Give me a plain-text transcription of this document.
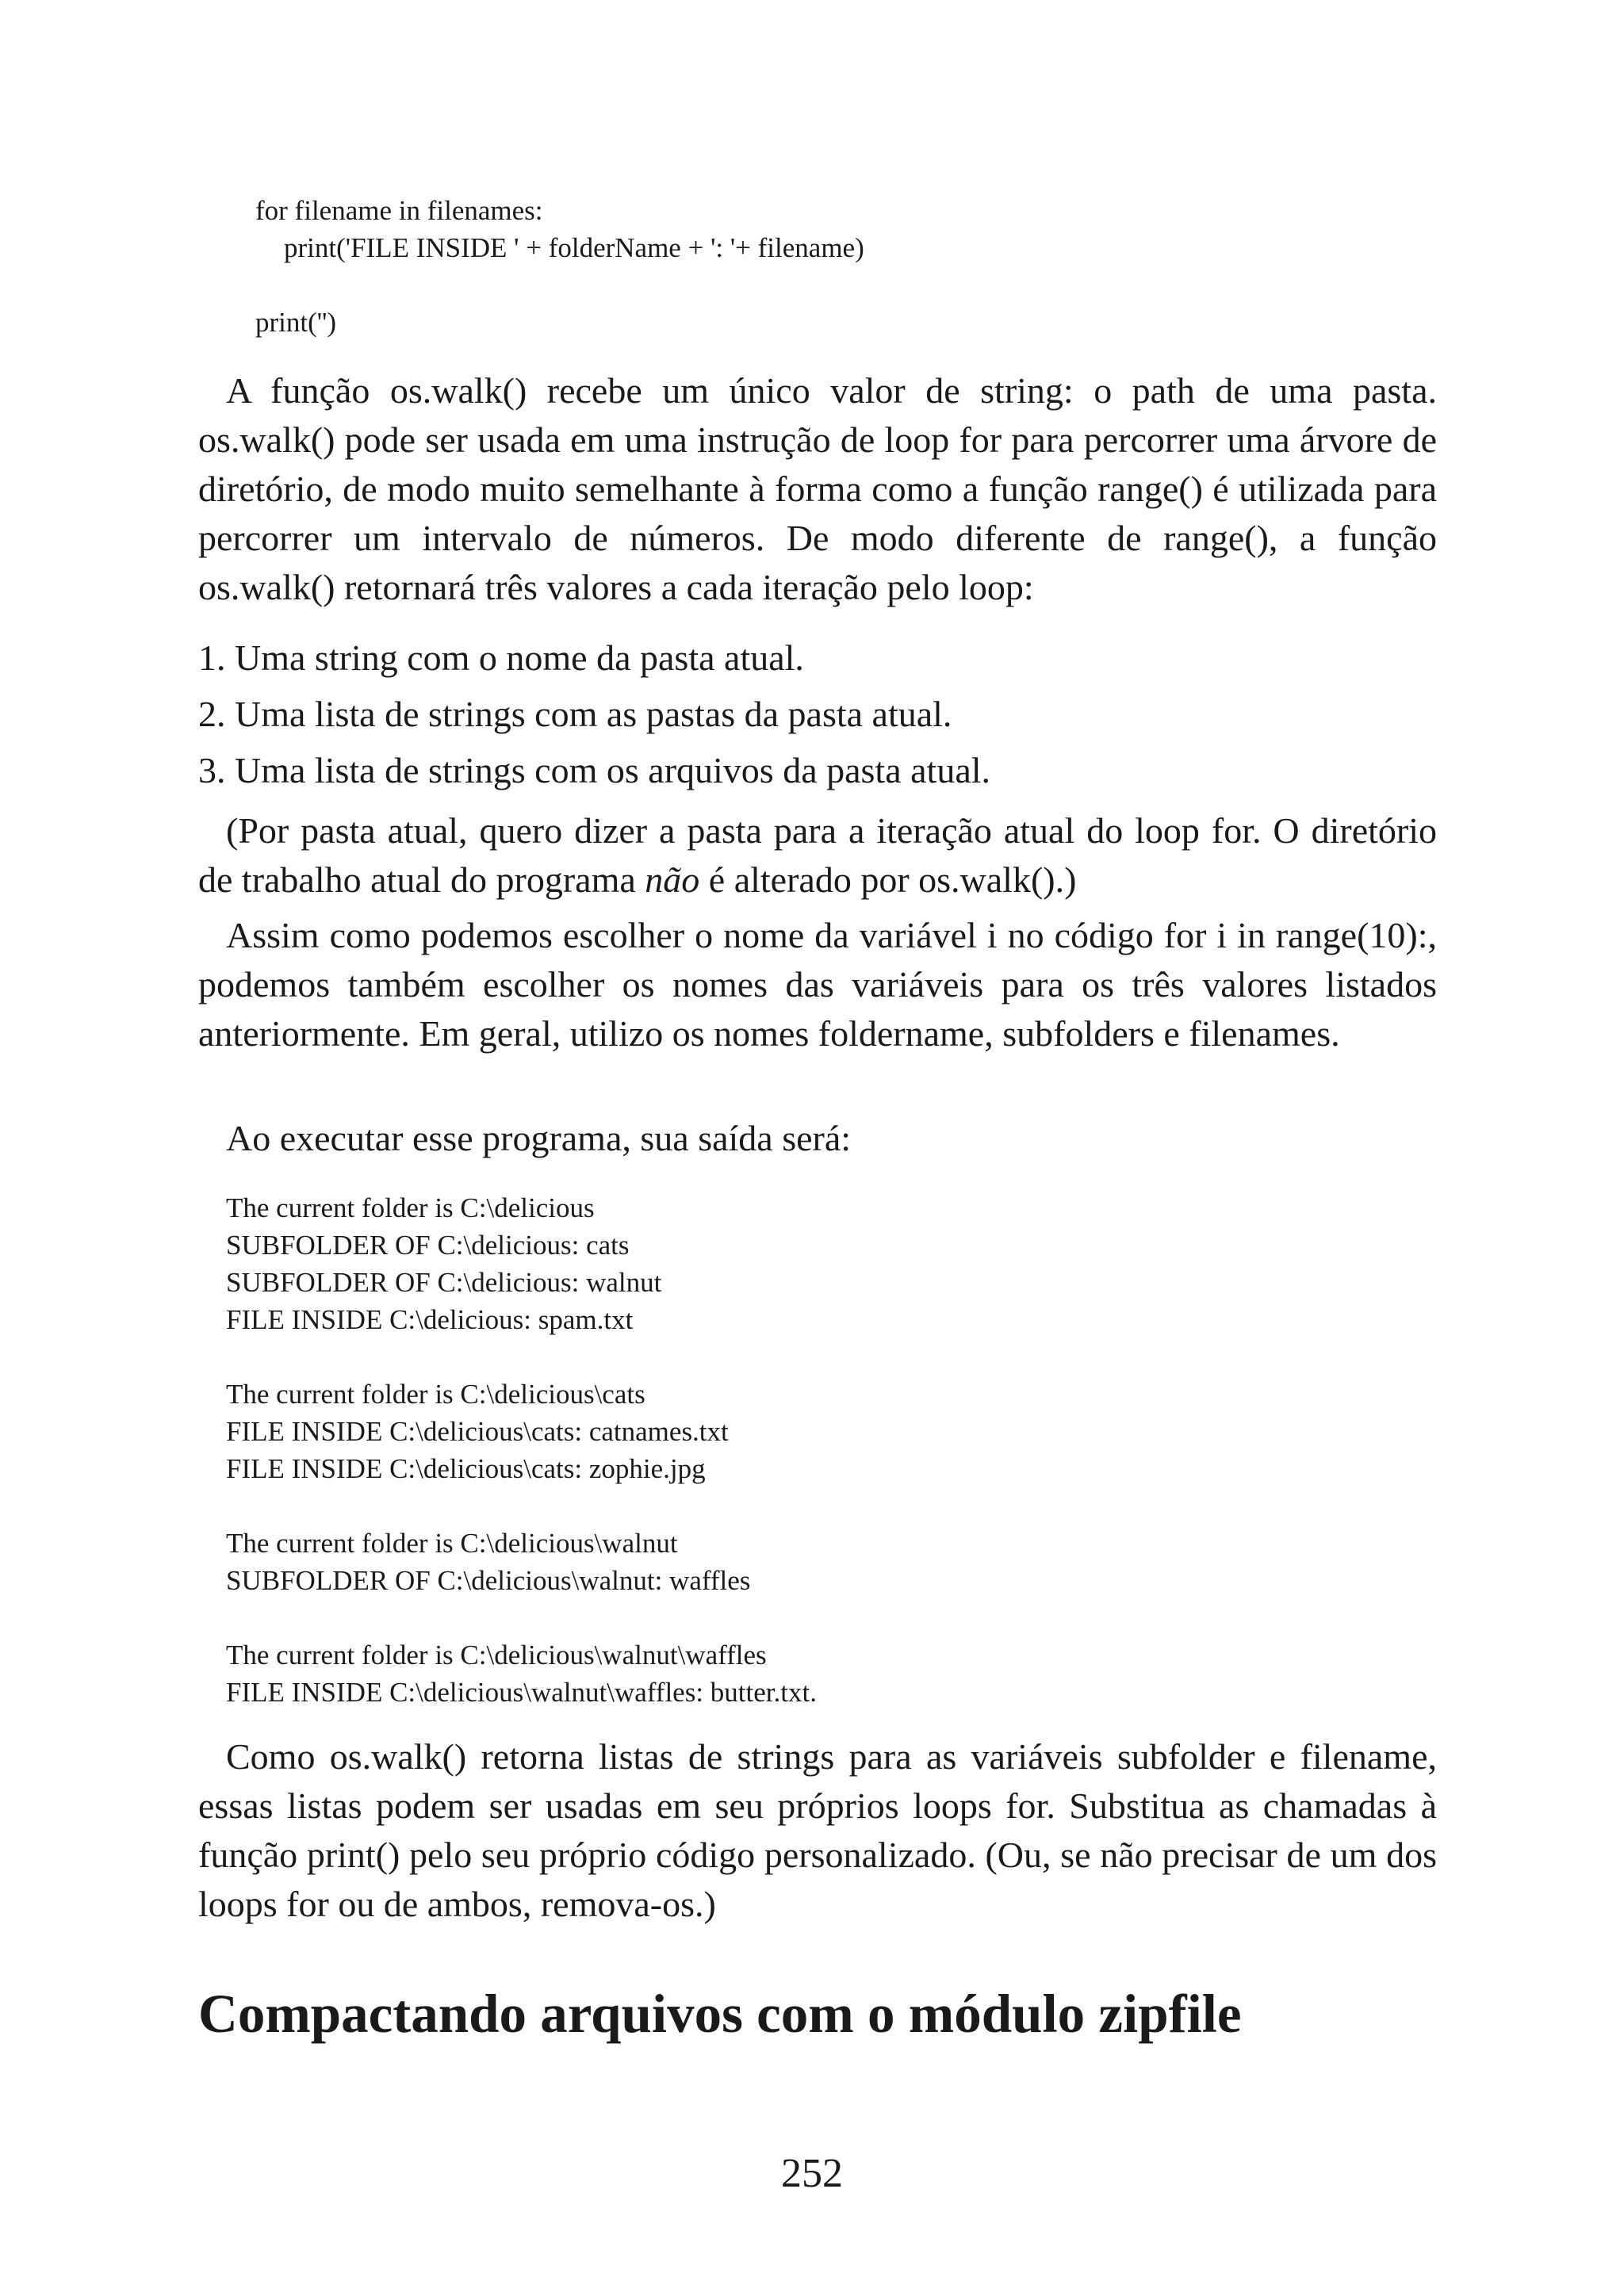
for filename in filenames:
print('FILE INSIDE ' + folderName + ': '+ filename)
print('')

A função os.walk() recebe um único valor de string: o path de uma pasta. os.walk() pode ser usada em uma instrução de loop for para percorrer uma árvore de diretório, de modo muito semelhante à forma como a função range() é utilizada para percorrer um intervalo de números. De modo diferente de range(), a função os.walk() retornará três valores a cada iteração pelo loop:

1. Uma string com o nome da pasta atual.
2. Uma lista de strings com as pastas da pasta atual.
3. Uma lista de strings com os arquivos da pasta atual.

(Por pasta atual, quero dizer a pasta para a iteração atual do loop for. O diretório de trabalho atual do programa não é alterado por os.walk().)

Assim como podemos escolher o nome da variável i no código for i in range(10):, podemos também escolher os nomes das variáveis para os três valores listados anteriormente. Em geral, utilizo os nomes foldername, subfolders e filenames.

Ao executar esse programa, sua saída será:

The current folder is C:\delicious
SUBFOLDER OF C:\delicious: cats
SUBFOLDER OF C:\delicious: walnut
FILE INSIDE C:\delicious: spam.txt
The current folder is C:\delicious\cats
FILE INSIDE C:\delicious\cats: catnames.txt
FILE INSIDE C:\delicious\cats: zophie.jpg
The current folder is C:\delicious\walnut
SUBFOLDER OF C:\delicious\walnut: waffles
The current folder is C:\delicious\walnut\waffles
FILE INSIDE C:\delicious\walnut\waffles: butter.txt.

Como os.walk() retorna listas de strings para as variáveis subfolder e filename, essas listas podem ser usadas em seu próprios loops for. Substitua as chamadas à função print() pelo seu próprio código personalizado. (Ou, se não precisar de um dos loops for ou de ambos, remova-os.)

Compactando arquivos com o módulo zipfile
252
